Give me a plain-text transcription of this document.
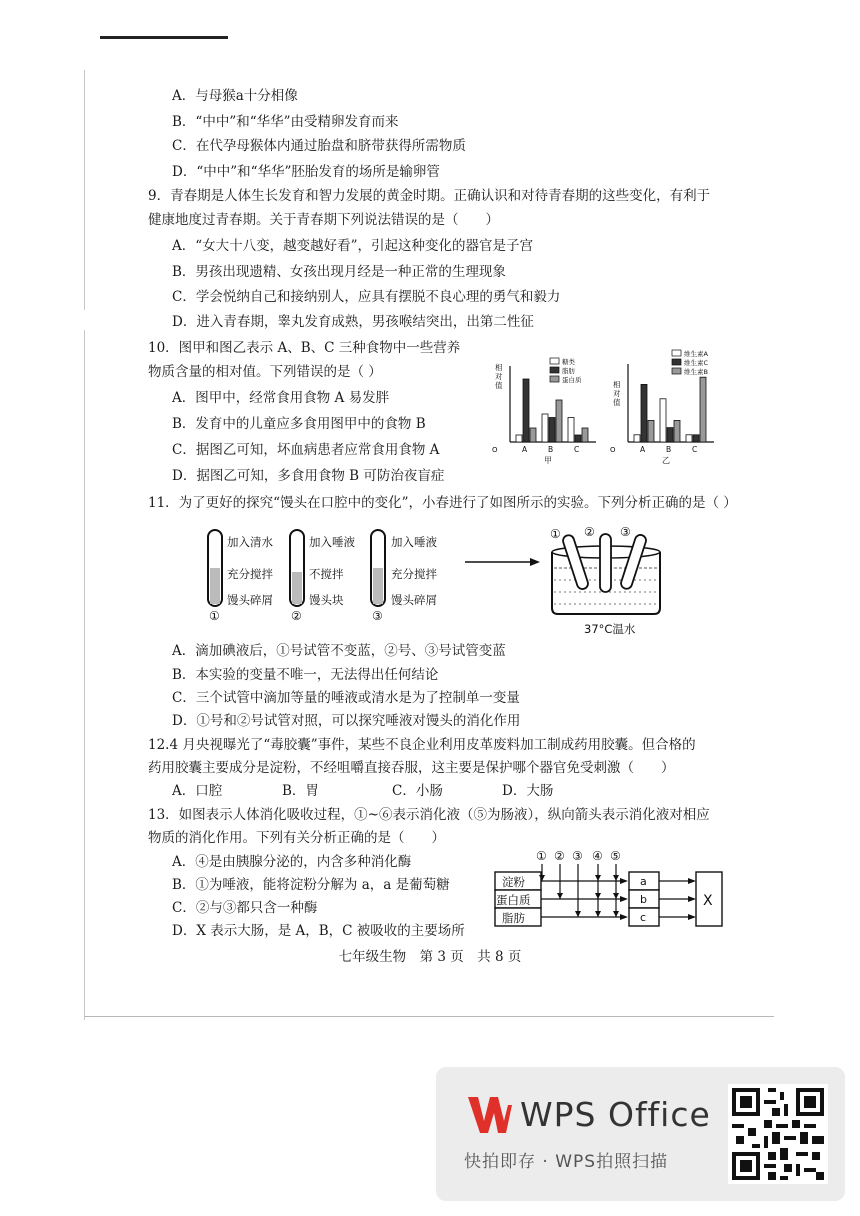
A．与母猴a十分相像
B．“中中”和“华华”由受精卵发育而来
C．在代孕母猴体内通过胎盘和脐带获得所需物质
D．“中中”和“华华”胚胎发育的场所是输卵管
9．青春期是人体生长发育和智力发展的黄金时期。正确认识和对待青春期的这些变化，有利于
健康地度过青春期。关于青春期下列说法错误的是（　　）
A．“女大十八变，越变越好看”，引起这种变化的器官是子宫
B．男孩出现遗精、女孩出现月经是一种正常的生理现象
C．学会悦纳自己和接纳别人，应具有摆脱不良心理的勇气和毅力
D．进入青春期，睾丸发育成熟，男孩喉结突出，出第二性征
10．图甲和图乙表示 A、B、C 三种食物中一些营养
物质含量的相对值。下列错误的是（ ）
A．图甲中，经常食用食物 A 易发胖
B．发育中的儿童应多食用图甲中的食物 B
C．据图乙可知，坏血病患者应常食用食物 A
D．据图乙可知，多食用食物 B 可防治夜盲症
O
相
对
值
A	B	C
糖类
脂肪
蛋白质
甲
O
相
对
值
A	B	C
维生素A
维生素C
维生素B
乙
11．为了更好的探究“馒头在口腔中的变化”，小春进行了如图所示的实验。下列分析正确的是（ ）
加入清水
充分搅拌
馒头碎屑
加入唾液
不搅拌
馒头块
加入唾液
充分搅拌
馒头碎屑
①	②	③
① ② ③
37°C温水
A．滴加碘液后，①号试管不变蓝，②号、③号试管变蓝
B．本实验的变量不唯一，无法得出任何结论
C．三个试管中滴加等量的唾液或清水是为了控制单一变量
D．①号和②号试管对照，可以探究唾液对馒头的消化作用
12.4 月央视曝光了“毒胶囊”事件，某些不良企业利用皮革废料加工制成药用胶囊。但合格的
药用胶囊主要成分是淀粉，不经咀嚼直接吞服，这主要是保护哪个器官免受刺激（　　）
A．口腔	B．胃	C．小肠	D．大肠
13．如图表示人体消化吸收过程，①~⑥表示消化液（⑤为肠液），纵向箭头表示消化液对相应
物质的消化作用。下列有关分析正确的是（　　）
A．④是由胰腺分泌的，内含多种消化酶
B．①为唾液，能将淀粉分解为 a，a 是葡萄糖
C．②与③都只含一种酶
D．X 表示大肠，是 A，B，C 被吸收的主要场所
① ② ③ ④ ⑤
淀粉
蛋白质
脂肪
a
b
c
X
七年级生物　第 3 页　共 8 页
WPS Office
快拍即存 · WPS拍照扫描
